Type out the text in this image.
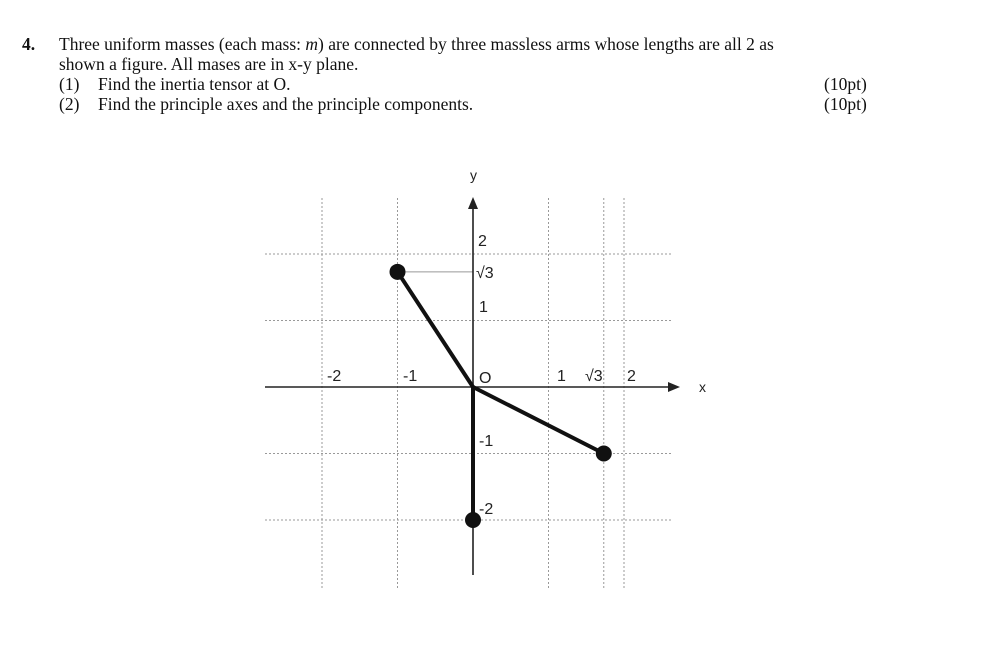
4. Three uniform masses (each mass: m) are connected by three massless arms whose lengths are all 2 as
shown a figure. All mases are in x-y plane.
(1) Find the inertia tensor at O.	(10pt)
(2) Find the principle axes and the principle components.	(10pt)
y
x
O
-2	-1	1 √3 2
2
√3
1
-1
-2
